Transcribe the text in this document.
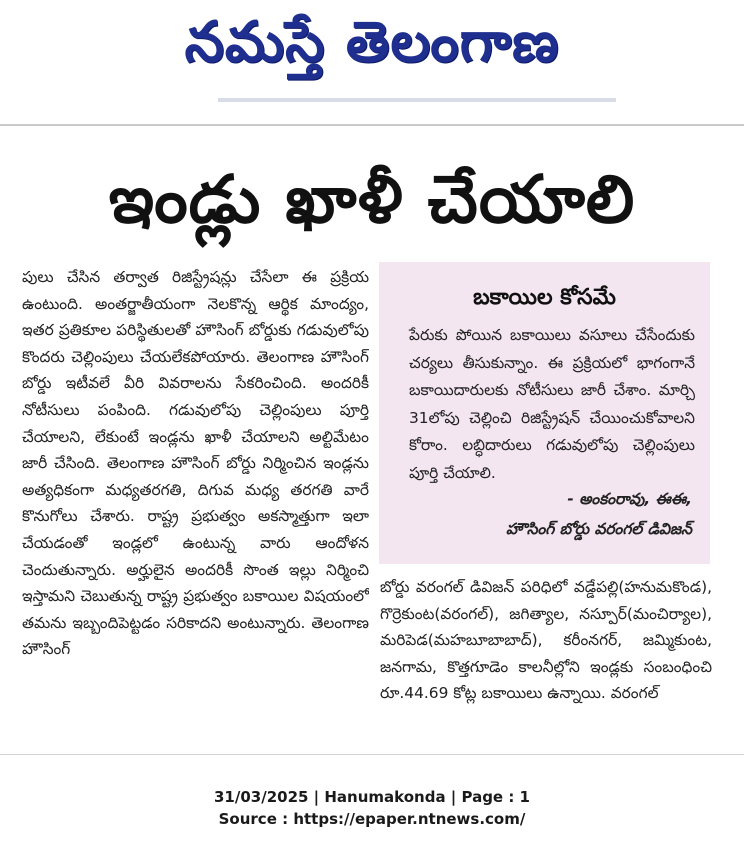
నమస్తే తెలంగాణ
ఇండ్లు ఖాళీ చేయాలి

పులు చేసిన తర్వాత రిజిస్ట్రేషన్లు చేసేలా ఈ ప్రక్రియ ఉంటుంది. అంతర్జాతీయంగా నెలకొన్న ఆర్థిక మాంద్యం, ఇతర ప్రతికూల పరిస్థితులతో హౌసింగ్ బోర్డుకు గడువులోపు కొందరు చెల్లింపులు చేయలేకపోయారు. తెలంగాణ హౌసింగ్ బోర్డు ఇటీవలే వీరి వివరాలను సేకరించింది. అందరికీ నోటీసులు పంపింది. గడువులోపు చెల్లింపులు పూర్తి చేయాలని, లేకుంటే ఇండ్లను ఖాళీ చేయాలని అల్టిమేటం జారీ చేసింది. తెలంగాణ హౌసింగ్ బోర్డు నిర్మించిన ఇండ్లను అత్యధికంగా మధ్యతరగతి, దిగువ మధ్య తరగతి వారే కొనుగోలు చేశారు. రాష్ట్ర ప్రభుత్వం అకస్మాత్తుగా ఇలా చేయడంతో ఇండ్లలో ఉంటున్న వారు ఆందోళన చెందుతున్నారు. అర్హులైన అందరికీ సొంత ఇల్లు నిర్మించి ఇస్తామని చెబుతున్న రాష్ట్ర ప్రభుత్వం బకాయిల విషయంలో తమను ఇబ్బందిపెట్టడం సరికాదని అంటున్నారు. తెలంగాణ హౌసింగ్

బకాయిల కోసమే

పేరుకు పోయిన బకాయిలు వసూలు చేసేందుకు చర్యలు తీసుకున్నాం. ఈ ప్రక్రియలో భాగంగానే బకాయిదారులకు నోటీసులు జారీ చేశాం. మార్చి 31లోపు చెల్లించి రిజిస్ట్రేషన్ చేయించుకోవాలని కోరాం. లబ్ధిదారులు గడువులోపు చెల్లింపులు పూర్తి చేయాలి.

- అంకంరావు, ఈఈ,
హౌసింగ్ బోర్డు వరంగల్ డివిజన్

బోర్డు వరంగల్ డివిజన్ పరిధిలో వడ్డేపల్లి(హనుమకొండ), గొర్రెకుంట(వరంగల్), జగిత్యాల, నస్పూర్(మంచిర్యాల), మరిపెడ(మహబూబాబాద్), కరీంనగర్, జమ్మికుంట, జనగామ, కొత్తగూడెం కాలనీల్లోని ఇండ్లకు సంబంధించి రూ.44.69 కోట్ల బకాయిలు ఉన్నాయి. వరంగల్

31/03/2025 | Hanumakonda | Page : 1
Source : https://epaper.ntnews.com/
